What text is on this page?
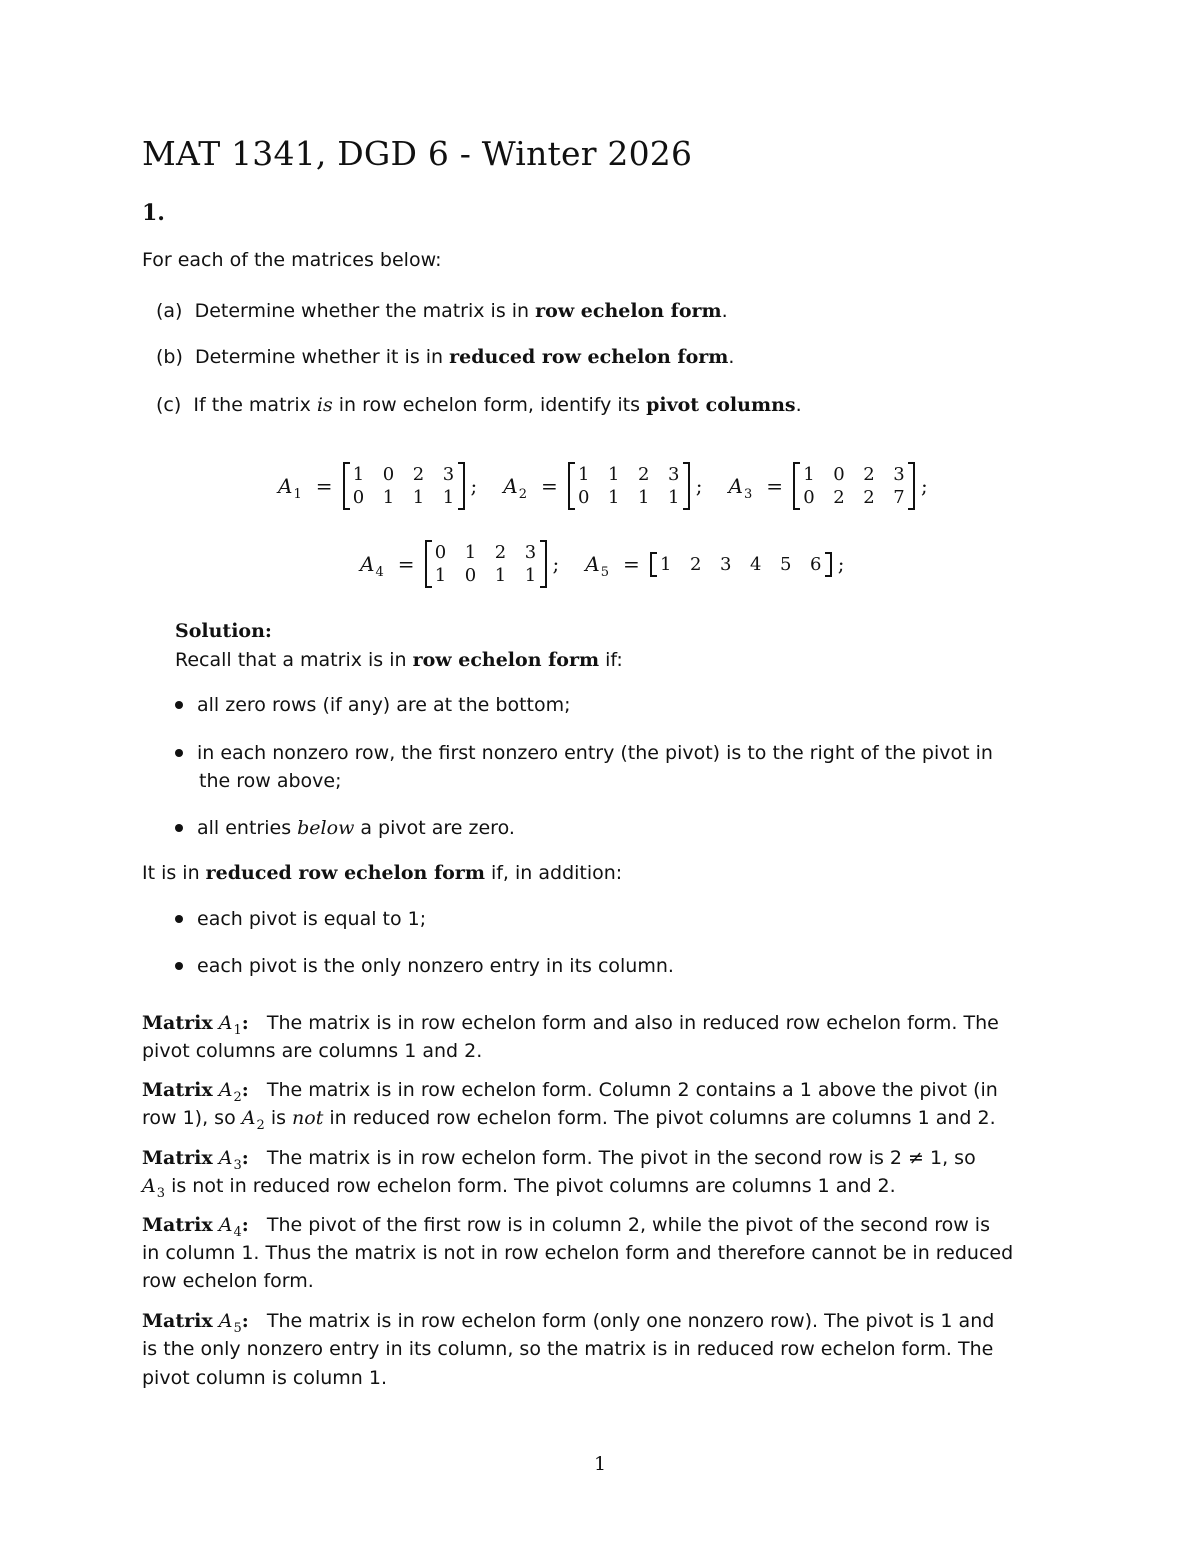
MAT 1341, DGD 6 - Winter 2026
1.
For each of the matrices below:
(a) Determine whether the matrix is in row echelon form.
(b) Determine whether it is in reduced row echelon form.
(c) If the matrix is in row echelon form, identify its pivot columns.
$A_1 = 1$ 0 2 3
0 1 1 1 ; $A_2 = 1$ 1 2 3
0 1 1 1 ; $A_3 = 1$ 0 2 3
0 2 2 7 ;
$A_4 = 0$ 1 2 3
1 0 1 1 ; $A_5 = 1$ 2 3 4 5 6 ;
Solution:
Recall that a matrix is in row echelon form if:
all zero rows (if any) are at the bottom;
in each nonzero row, the first nonzero entry (the pivot) is to the right of the pivot in
the row above;
all entries below a pivot are zero.
It is in reduced row echelon form if, in addition:
each pivot is equal to 1;
each pivot is the only nonzero entry in its column.
Matrix $A_1$: The matrix is in row echelon form and also in reduced row echelon form. The
pivot columns are columns 1 and 2.
Matrix $A_2$: The matrix is in row echelon form. Column 2 contains a 1 above the pivot (in
row 1), so $A_2$ is not in reduced row echelon form. The pivot columns are columns 1 and 2.
Matrix $A_3$: The matrix is in row echelon form. The pivot in the second row is 2 ≠ 1, so
$A_3$ is not in reduced row echelon form. The pivot columns are columns 1 and 2.
Matrix $A_4$: The pivot of the first row is in column 2, while the pivot of the second row is
in column 1. Thus the matrix is not in row echelon form and therefore cannot be in reduced
row echelon form.
Matrix $A_5$: The matrix is in row echelon form (only one nonzero row). The pivot is 1 and
is the only nonzero entry in its column, so the matrix is in reduced row echelon form. The
pivot column is column 1.
1
